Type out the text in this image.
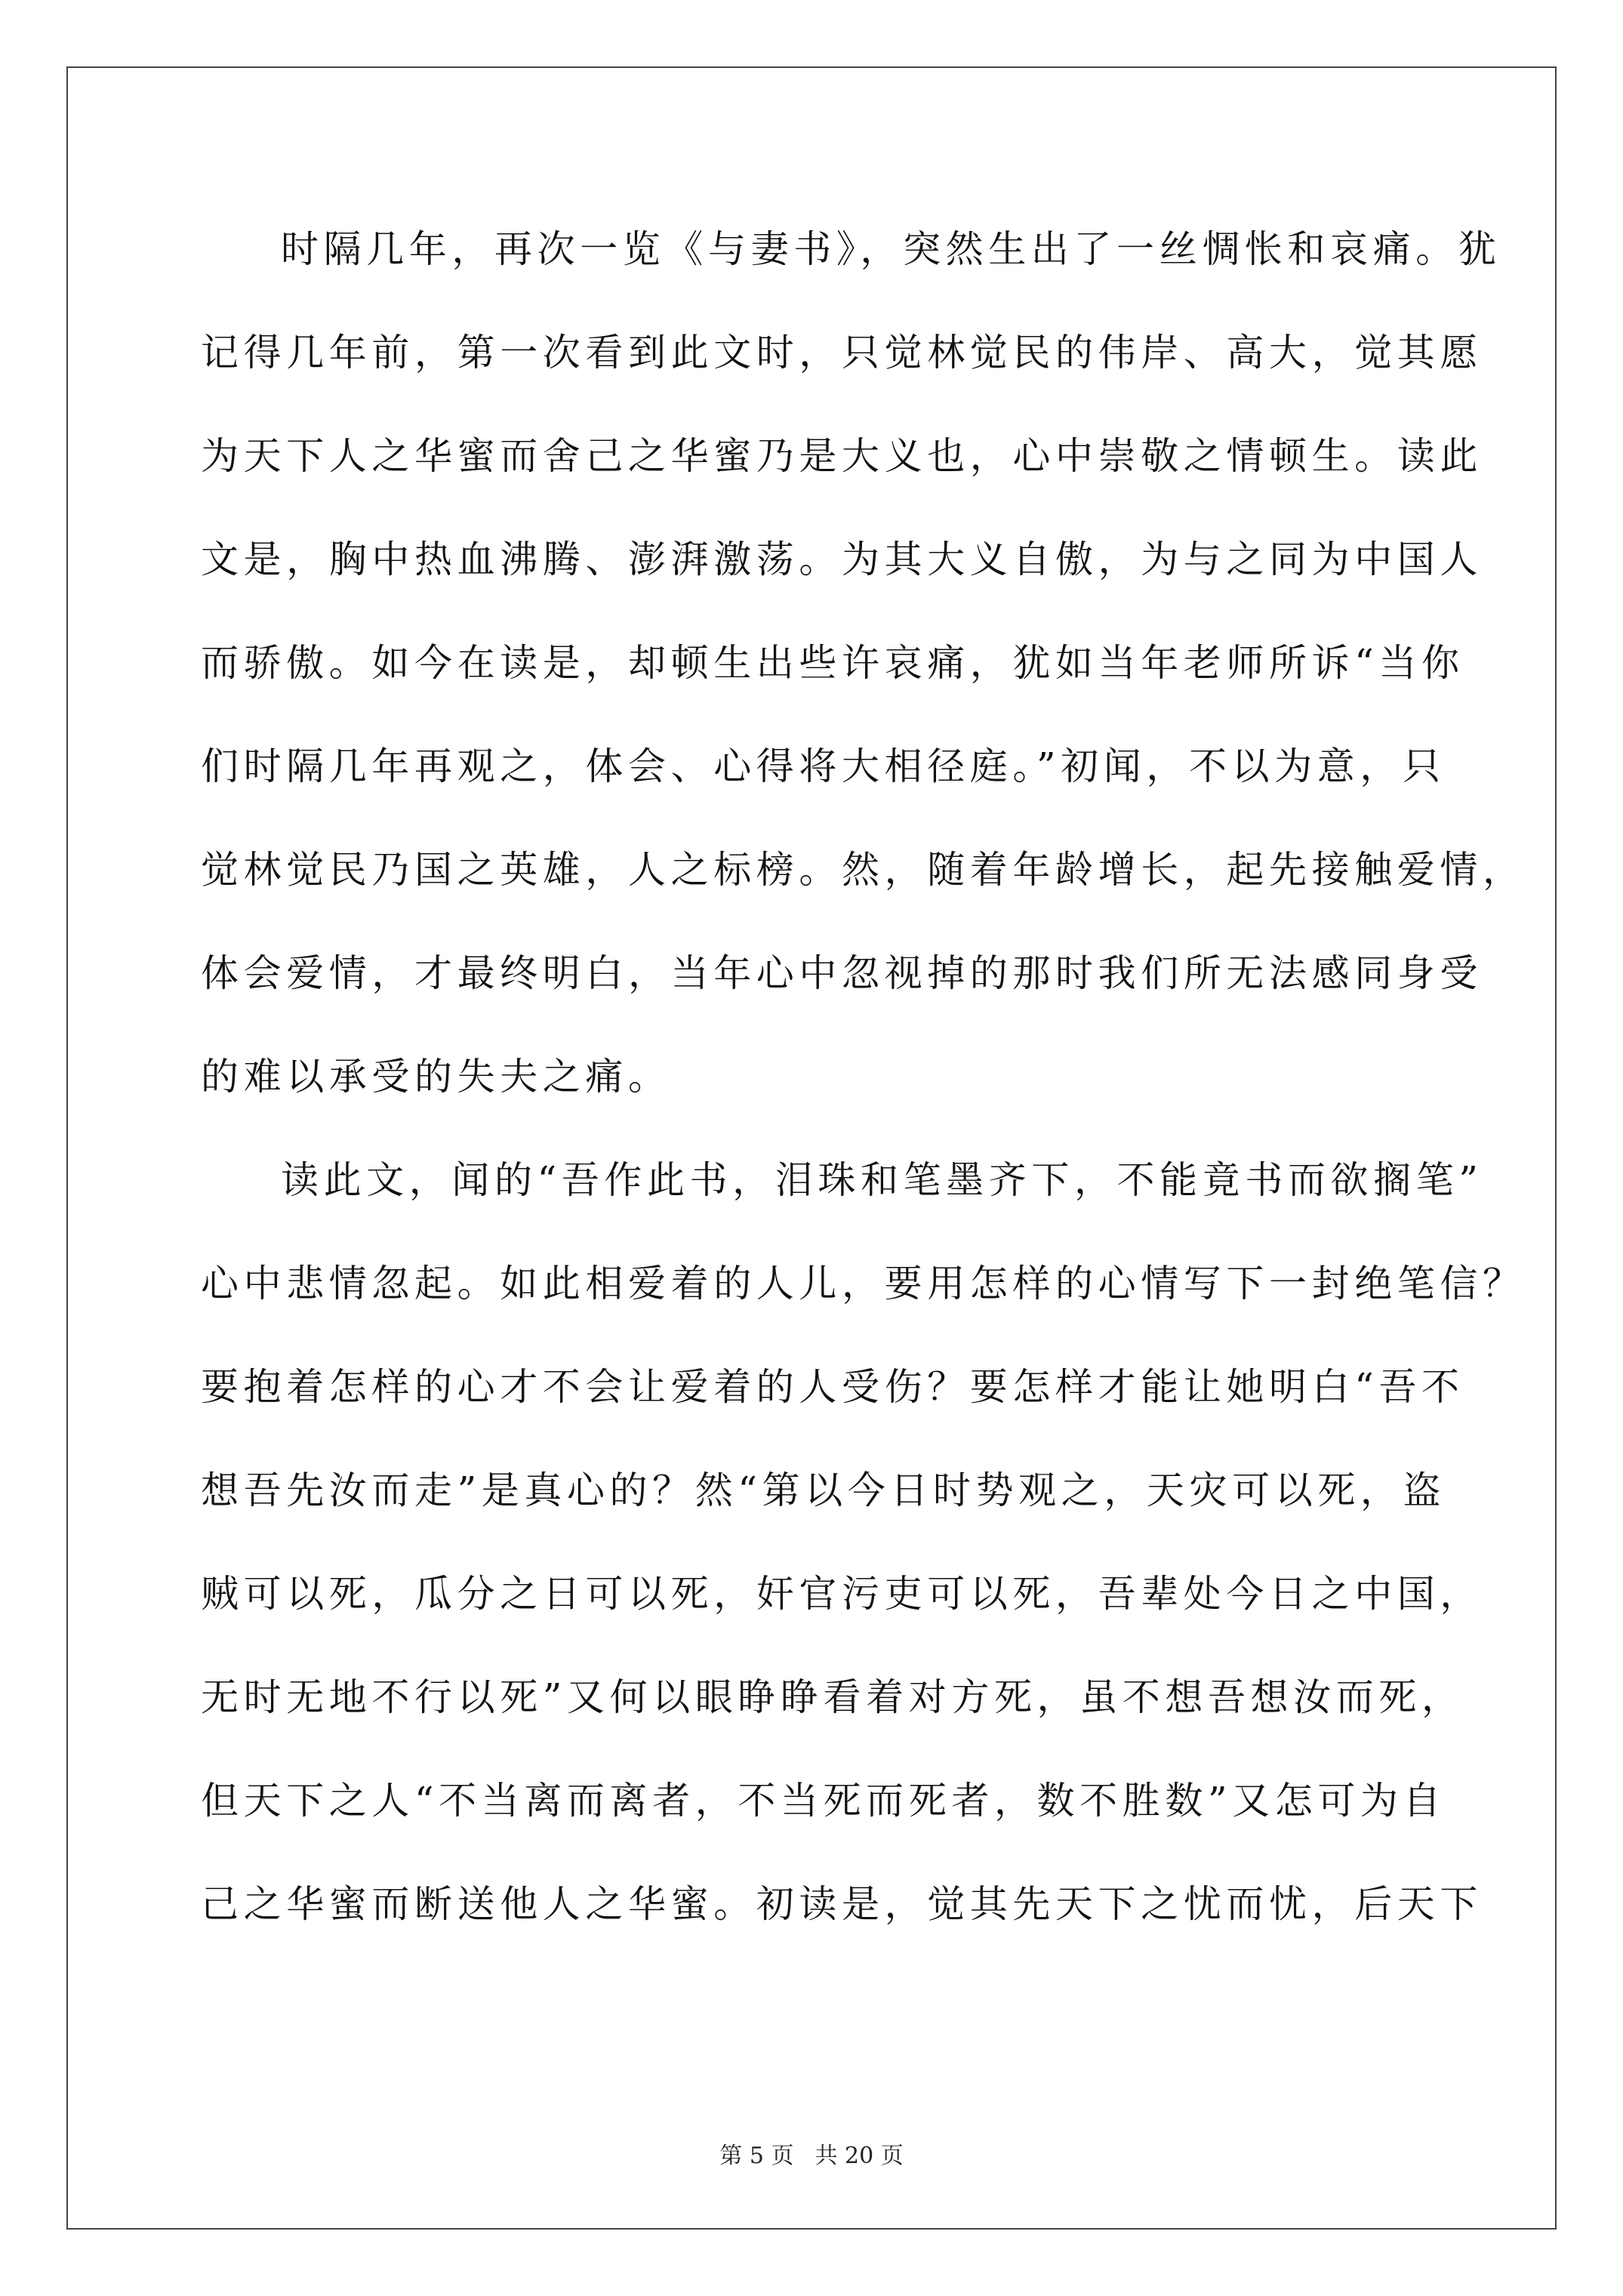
时隔几年，再次一览《与妻书》，突然生出了一丝惆怅和哀痛。犹

记得几年前，第一次看到此文时，只觉林觉民的伟岸、高大，觉其愿

为天下人之华蜜而舍己之华蜜乃是大义也，心中崇敬之情顿生。读此

文是，胸中热血沸腾、澎湃激荡。为其大义自傲，为与之同为中国人

而骄傲。如今在读是，却顿生出些许哀痛，犹如当年老师所诉“当你

们时隔几年再观之，体会、心得将大相径庭。”初闻，不以为意，只

觉林觉民乃国之英雄，人之标榜。然，随着年龄增长，起先接触爱情，

体会爱情，才最终明白，当年心中忽视掉的那时我们所无法感同身受

的难以承受的失夫之痛。

读此文，闻的“吾作此书，泪珠和笔墨齐下，不能竟书而欲搁笔”

心中悲情忽起。如此相爱着的人儿，要用怎样的心情写下一封绝笔信？

要抱着怎样的心才不会让爱着的人受伤？要怎样才能让她明白“吾不

想吾先汝而走”是真心的？然“第以今日时势观之，天灾可以死，盗

贼可以死，瓜分之日可以死，奸官污吏可以死，吾辈处今日之中国，

无时无地不行以死”又何以眼睁睁看着对方死，虽不想吾想汝而死，

但天下之人“不当离而离者，不当死而死者，数不胜数”又怎可为自

己之华蜜而断送他人之华蜜。初读是，觉其先天下之忧而忧，后天下

第 5 页 共 20 页
